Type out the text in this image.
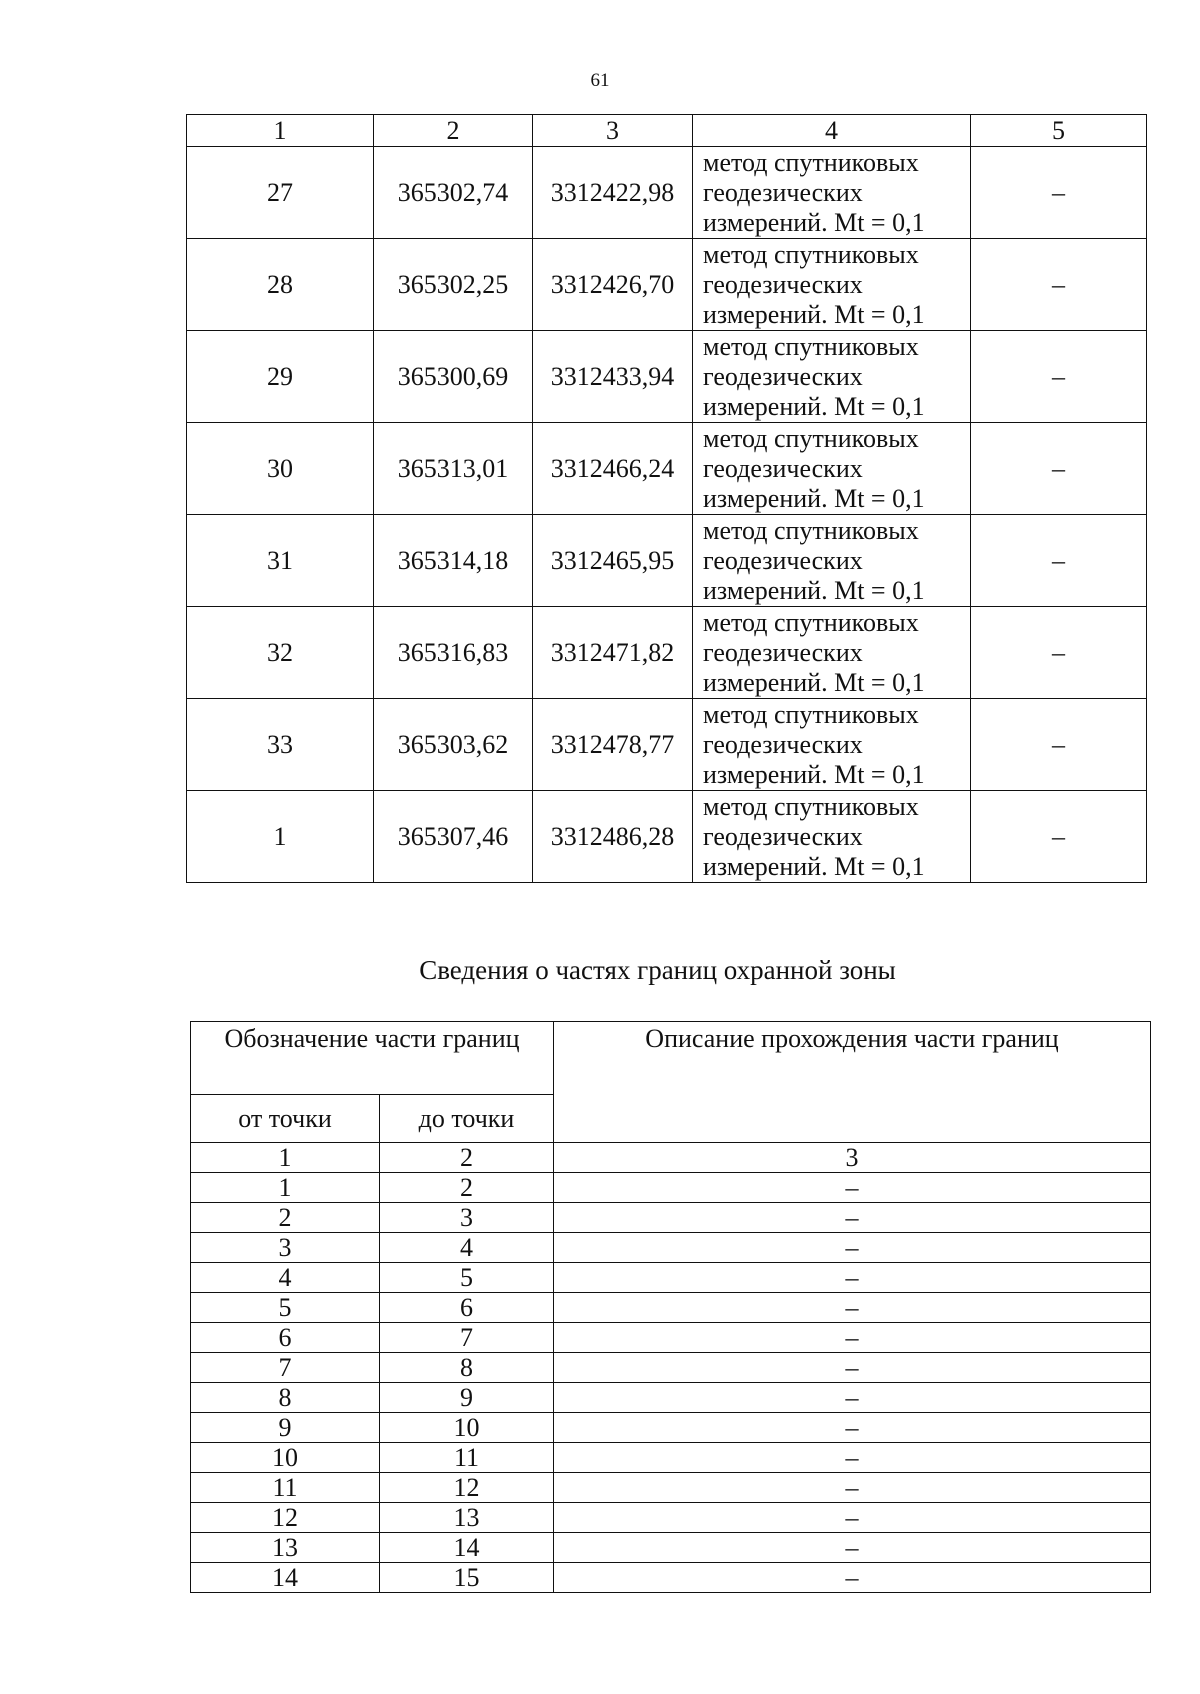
61
1	2	3	4	5
27	365302,74	3312422,98	метод спутниковых
геодезических
измерений. Mt = 0,1	–
28	365302,25	3312426,70	метод спутниковых
геодезических
измерений. Mt = 0,1	–
29	365300,69	3312433,94	метод спутниковых
геодезических
измерений. Mt = 0,1	–
30	365313,01	3312466,24	метод спутниковых
геодезических
измерений. Mt = 0,1	–
31	365314,18	3312465,95	метод спутниковых
геодезических
измерений. Mt = 0,1	–
32	365316,83	3312471,82	метод спутниковых
геодезических
измерений. Mt = 0,1	–
33	365303,62	3312478,77	метод спутниковых
геодезических
измерений. Mt = 0,1	–
1	365307,46	3312486,28	метод спутниковых
геодезических
измерений. Mt = 0,1	–
Сведения о частях границ охранной зоны
Обозначение части границ		Описание прохождения части границ
от точки	до точки	
1	2	3
1	2	–
2	3	–
3	4	–
4	5	–
5	6	–
6	7	–
7	8	–
8	9	–
9	10	–
10	11	–
11	12	–
12	13	–
13	14	–
14	15	–
